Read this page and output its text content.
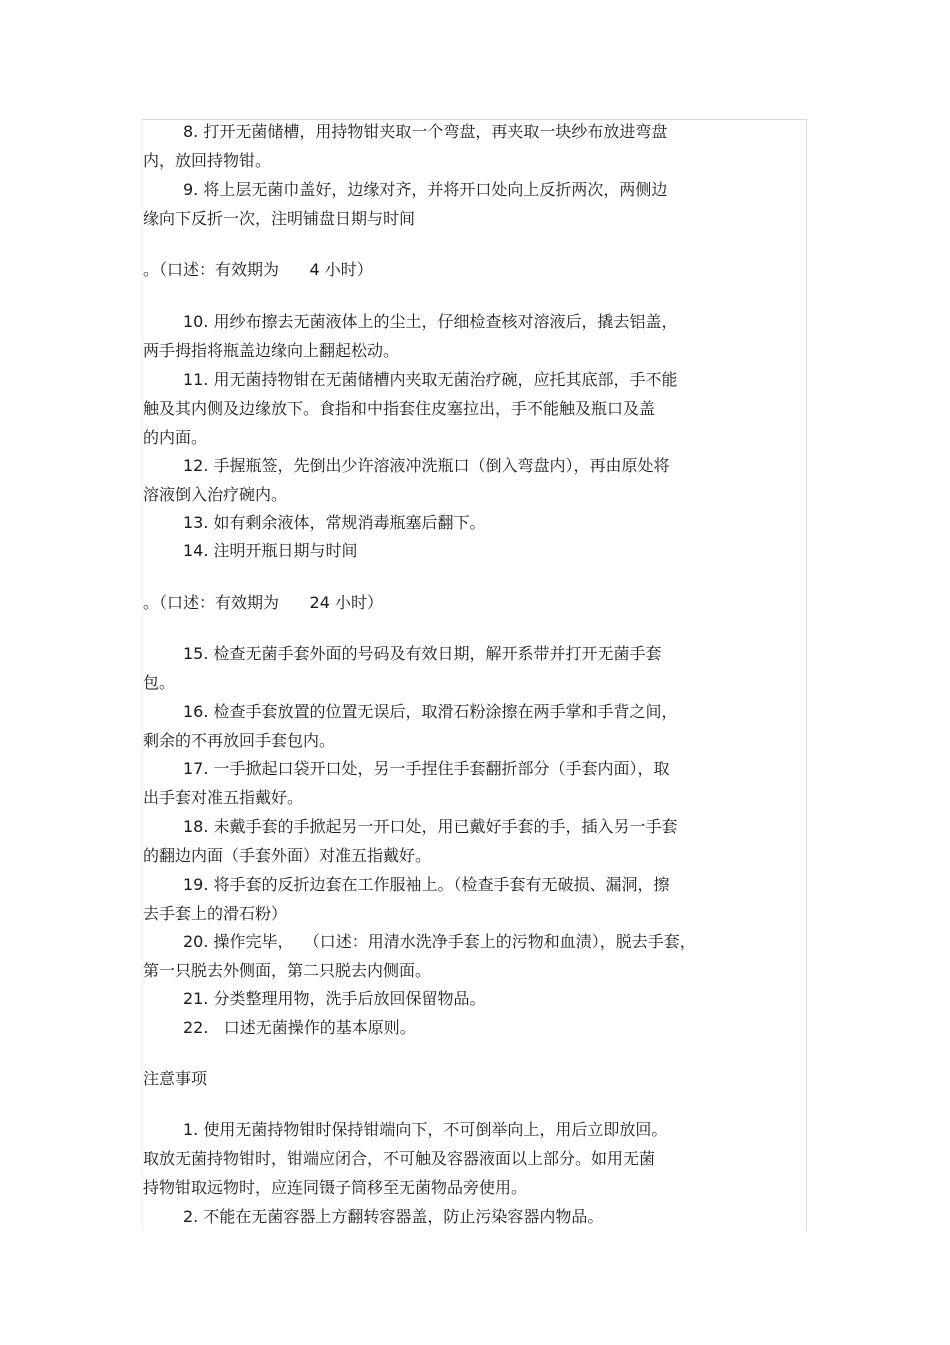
8. 打开无菌储槽，用持物钳夹取一个弯盘，再夹取一块纱布放进弯盘
内，放回持物钳。
9. 将上层无菌巾盖好，边缘对齐，并将开口处向上反折两次，两侧边
缘向下反折一次，注明铺盘日期与时间
。（口述：有效期为      4 小时）
10. 用纱布擦去无菌液体上的尘土，仔细检查核对溶液后，撬去铝盖，
两手拇指将瓶盖边缘向上翻起松动。
11. 用无菌持物钳在无菌储槽内夹取无菌治疗碗，应托其底部，手不能
触及其内侧及边缘放下。食指和中指套住皮塞拉出，手不能触及瓶口及盖
的内面。
12. 手握瓶签，先倒出少许溶液冲洗瓶口（倒入弯盘内），再由原处将
溶液倒入治疗碗内。
13. 如有剩余液体，常规消毒瓶塞后翻下。
14. 注明开瓶日期与时间
。（口述：有效期为      24 小时）
15. 检查无菌手套外面的号码及有效日期，解开系带并打开无菌手套
包。
16. 检查手套放置的位置无误后，取滑石粉涂擦在两手掌和手背之间，
剩余的不再放回手套包内。
17. 一手掀起口袋开口处，另一手捏住手套翻折部分（手套内面），取
出手套对准五指戴好。
18. 未戴手套的手掀起另一开口处，用已戴好手套的手，插入另一手套
的翻边内面（手套外面）对准五指戴好。
19. 将手套的反折边套在工作服袖上。（检查手套有无破损、漏洞，擦
去手套上的滑石粉）
20. 操作完毕，  （口述：用清水洗净手套上的污物和血渍），脱去手套，
第一只脱去外侧面，第二只脱去内侧面。
21. 分类整理用物，洗手后放回保留物品。
22.   口述无菌操作的基本原则。
注意事项
1. 使用无菌持物钳时保持钳端向下，不可倒举向上，用后立即放回。
取放无菌持物钳时，钳端应闭合，不可触及容器液面以上部分。如用无菌
持物钳取远物时，应连同镊子筒移至无菌物品旁使用。
2. 不能在无菌容器上方翻转容器盖，防止污染容器内物品。
